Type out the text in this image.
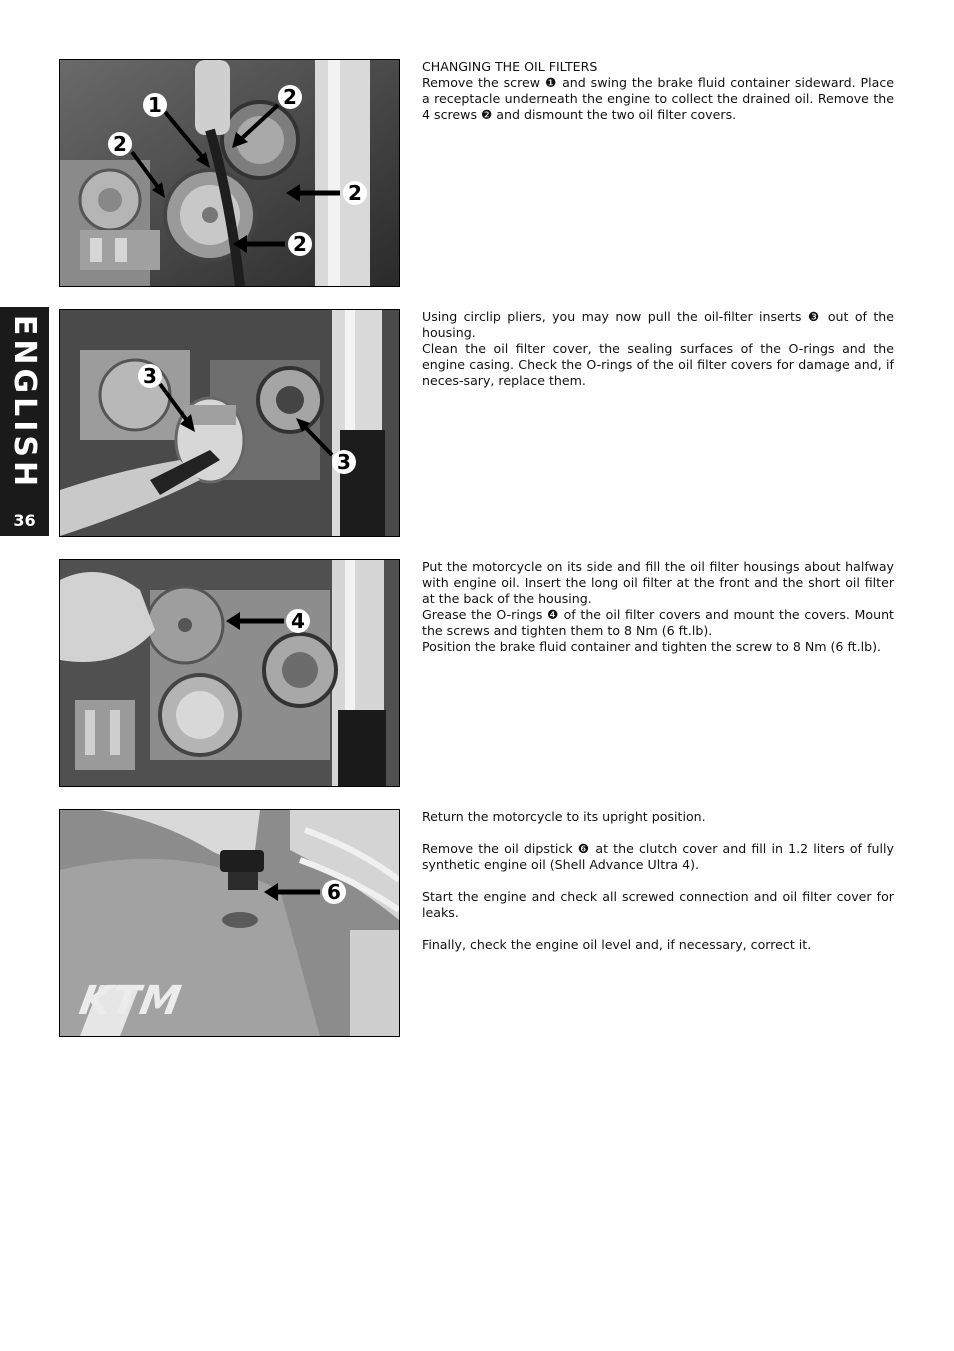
ENGLISH
36
1
2
2
2
2

CHANGING THE OIL FILTERS

Remove the screw ❶ and swing the brake fluid container sideward. Place a receptacle underneath the engine to collect the drained oil. Remove the 4 screws ❷ and dismount the two oil filter covers.

3
3

Using circlip pliers, you may now pull the oil-filter inserts ❸ out of the housing.

Clean the oil filter cover, the sealing surfaces of the O-rings and the engine casing. Check the O-rings of the oil filter covers for damage and, if neces-sary, replace them.

4

Put the motorcycle on its side and fill the oil filter housings about halfway with engine oil. Insert the long oil filter at the front and the short oil filter at the back of the housing.

Grease the O-rings ❹ of the oil filter covers and mount the covers. Mount the screws and tighten them to 8 Nm (6 ft.lb).

Position the brake fluid container and tighten the screw to 8 Nm (6 ft.lb).

KTM
6

Return the motorcycle to its upright position.

Remove the oil dipstick ❻ at the clutch cover and fill in 1.2 liters of fully synthetic engine oil (Shell Advance Ultra 4).

Start the engine and check all screwed connection and oil filter cover for leaks.

Finally, check the engine oil level and, if necessary, correct it.
